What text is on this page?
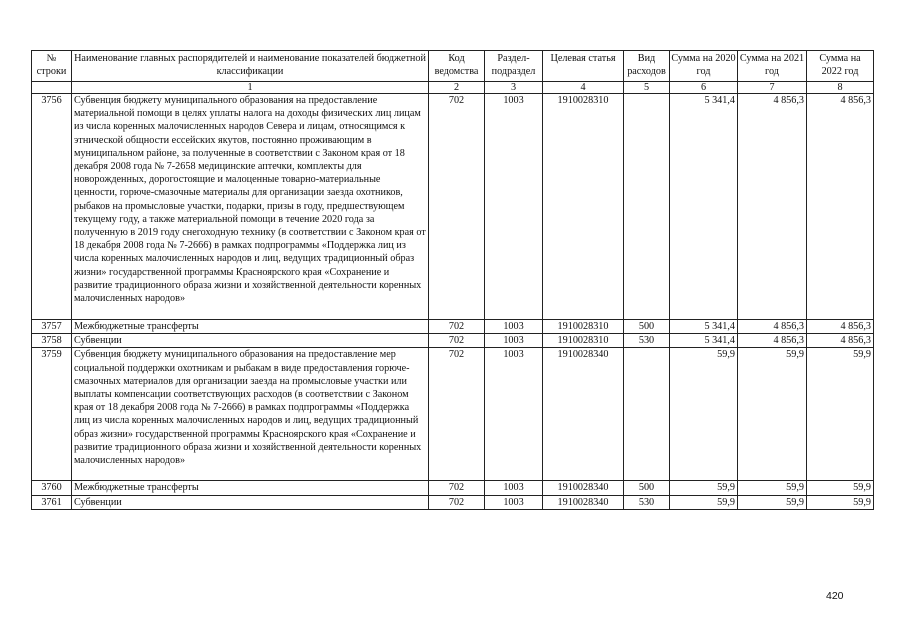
№ строки	Наименование главных распорядителей и наименование показателей бюджетной классификации	Код ведомства	Раздел-подраздел	Целевая статья	Вид расходов	Сумма на 2020 год	Сумма на 2021 год	Сумма на 2022 год
	1	2	3	4	5	6	7	8
3756	Субвенция бюджету муниципального образования на предоставление материальной помощи в целях уплаты налога на доходы физических лиц лицам из числа коренных малочисленных народов Севера и лицам, относящимся к этнической общности ессейских якутов, постоянно проживающим в муниципальном районе, за полученные в соответствии с Законом края от 18 декабря 2008 года № 7-2658 медицинские аптечки, комплекты для новорожденных, дорогостоящие и малоценные товарно-материальные ценности, горюче-смазочные материалы для организации заезда охотников, рыбаков на промысловые участки, подарки, призы в году, предшествующем текущему году, а также материальной помощи в течение 2020 года за полученную в 2019 году снегоходную технику (в соответствии с Законом края от 18 декабря 2008 года № 7-2666) в рамках подпрограммы «Поддержка лиц из числа коренных малочисленных народов и лиц, ведущих традиционный образ жизни» государственной программы Красноярского края «Сохранение и развитие традиционного образа жизни и хозяйственной деятельности коренных малочисленных народов»	702	1003	1910028310		5 341,4	4 856,3	4 856,3
3757	Межбюджетные трансферты	702	1003	1910028310	500	5 341,4	4 856,3	4 856,3
3758	Субвенции	702	1003	1910028310	530	5 341,4	4 856,3	4 856,3
3759	Субвенция бюджету муниципального образования на предоставление мер социальной поддержки охотникам и рыбакам в виде предоставления горюче-смазочных материалов для организации заезда на промысловые участки или выплаты компенсации соответствующих расходов (в соответствии с Законом края от 18 декабря 2008 года № 7-2666) в рамках подпрограммы «Поддержка лиц из числа коренных малочисленных народов и лиц, ведущих традиционный образ жизни» государственной программы Красноярского края «Сохранение и развитие традиционного образа жизни и хозяйственной деятельности коренных малочисленных народов»	702	1003	1910028340		59,9	59,9	59,9
3760	Межбюджетные трансферты	702	1003	1910028340	500	59,9	59,9	59,9
3761	Субвенции	702	1003	1910028340	530	59,9	59,9	59,9
420
